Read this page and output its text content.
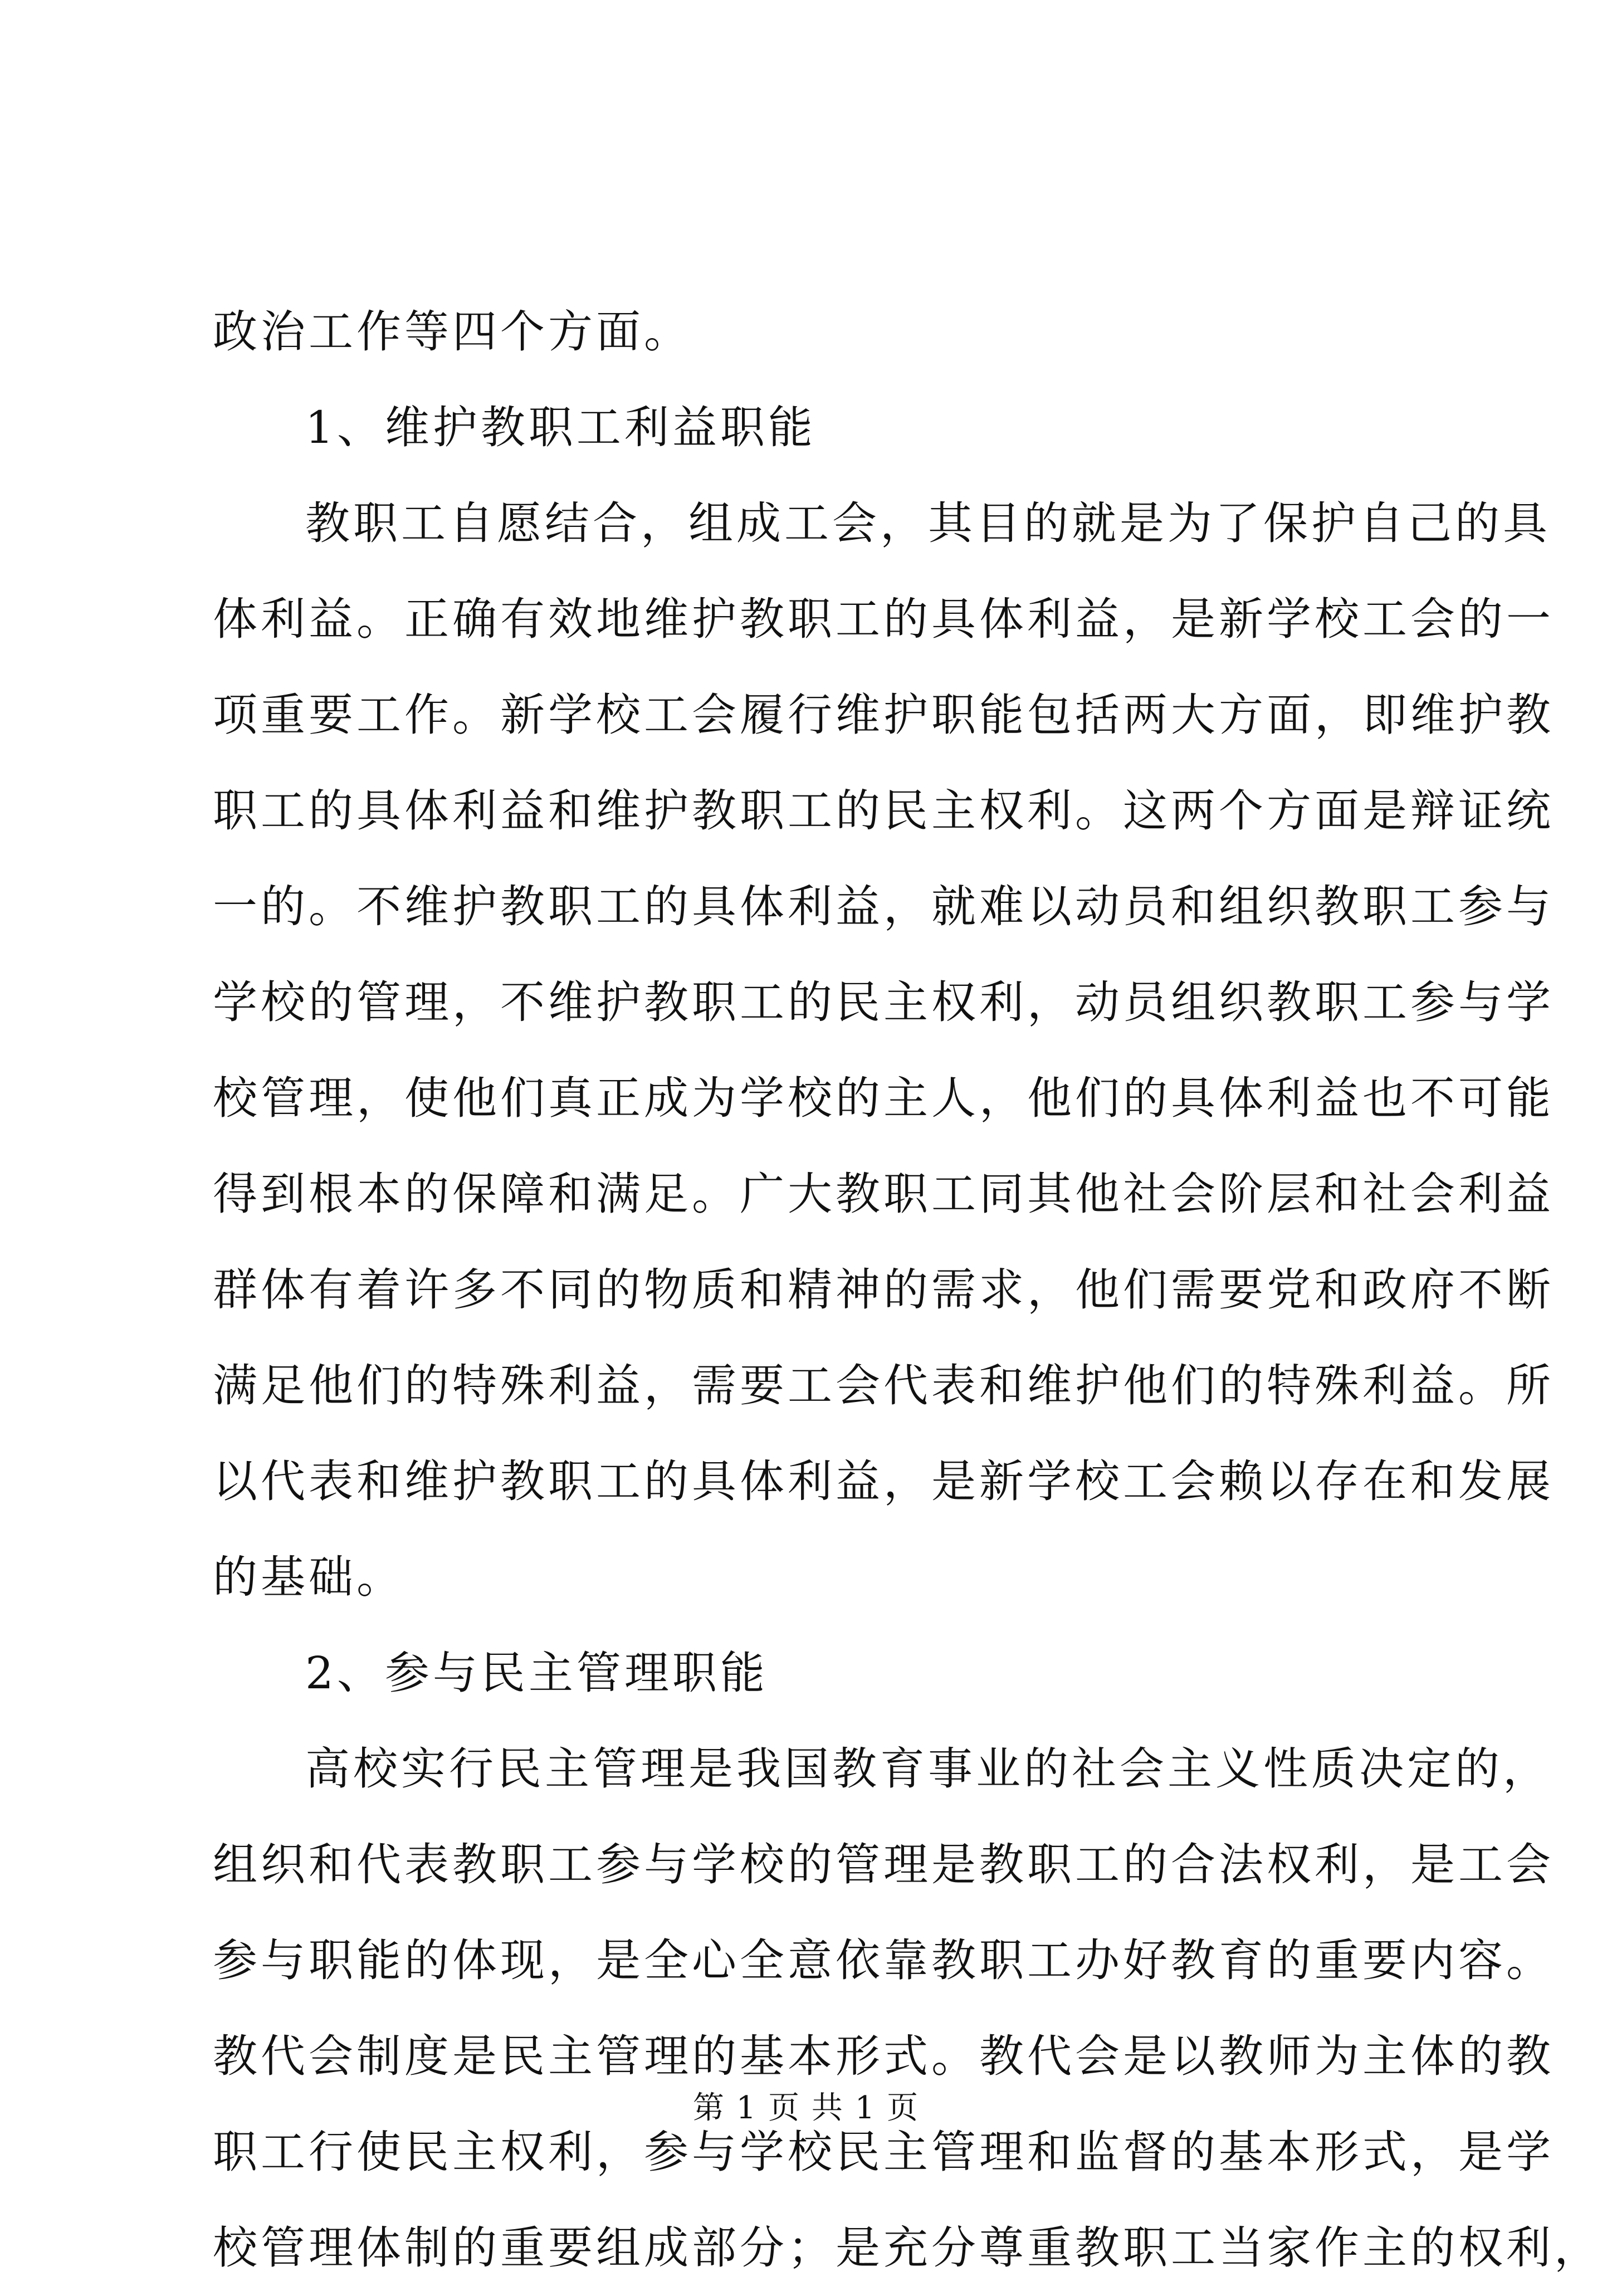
政治工作等四个方面。
1、维护教职工利益职能
教职工自愿结合，组成工会，其目的就是为了保护自己的具
体利益。正确有效地维护教职工的具体利益，是新学校工会的一
项重要工作。新学校工会履行维护职能包括两大方面，即维护教
职工的具体利益和维护教职工的民主权利。这两个方面是辩证统
一的。不维护教职工的具体利益，就难以动员和组织教职工参与
学校的管理，不维护教职工的民主权利，动员组织教职工参与学
校管理，使他们真正成为学校的主人，他们的具体利益也不可能
得到根本的保障和满足。广大教职工同其他社会阶层和社会利益
群体有着许多不同的物质和精神的需求，他们需要党和政府不断
满足他们的特殊利益，需要工会代表和维护他们的特殊利益。所
以代表和维护教职工的具体利益，是新学校工会赖以存在和发展
的基础。
2、参与民主管理职能
高校实行民主管理是我国教育事业的社会主义性质决定的，
组织和代表教职工参与学校的管理是教职工的合法权利，是工会
参与职能的体现，是全心全意依靠教职工办好教育的重要内容。
教代会制度是民主管理的基本形式。教代会是以教师为主体的教
职工行使民主权利，参与学校民主管理和监督的基本形式，是学
校管理体制的重要组成部分；是充分尊重教职工当家作主的权利，
第 1 页 共 1 页
